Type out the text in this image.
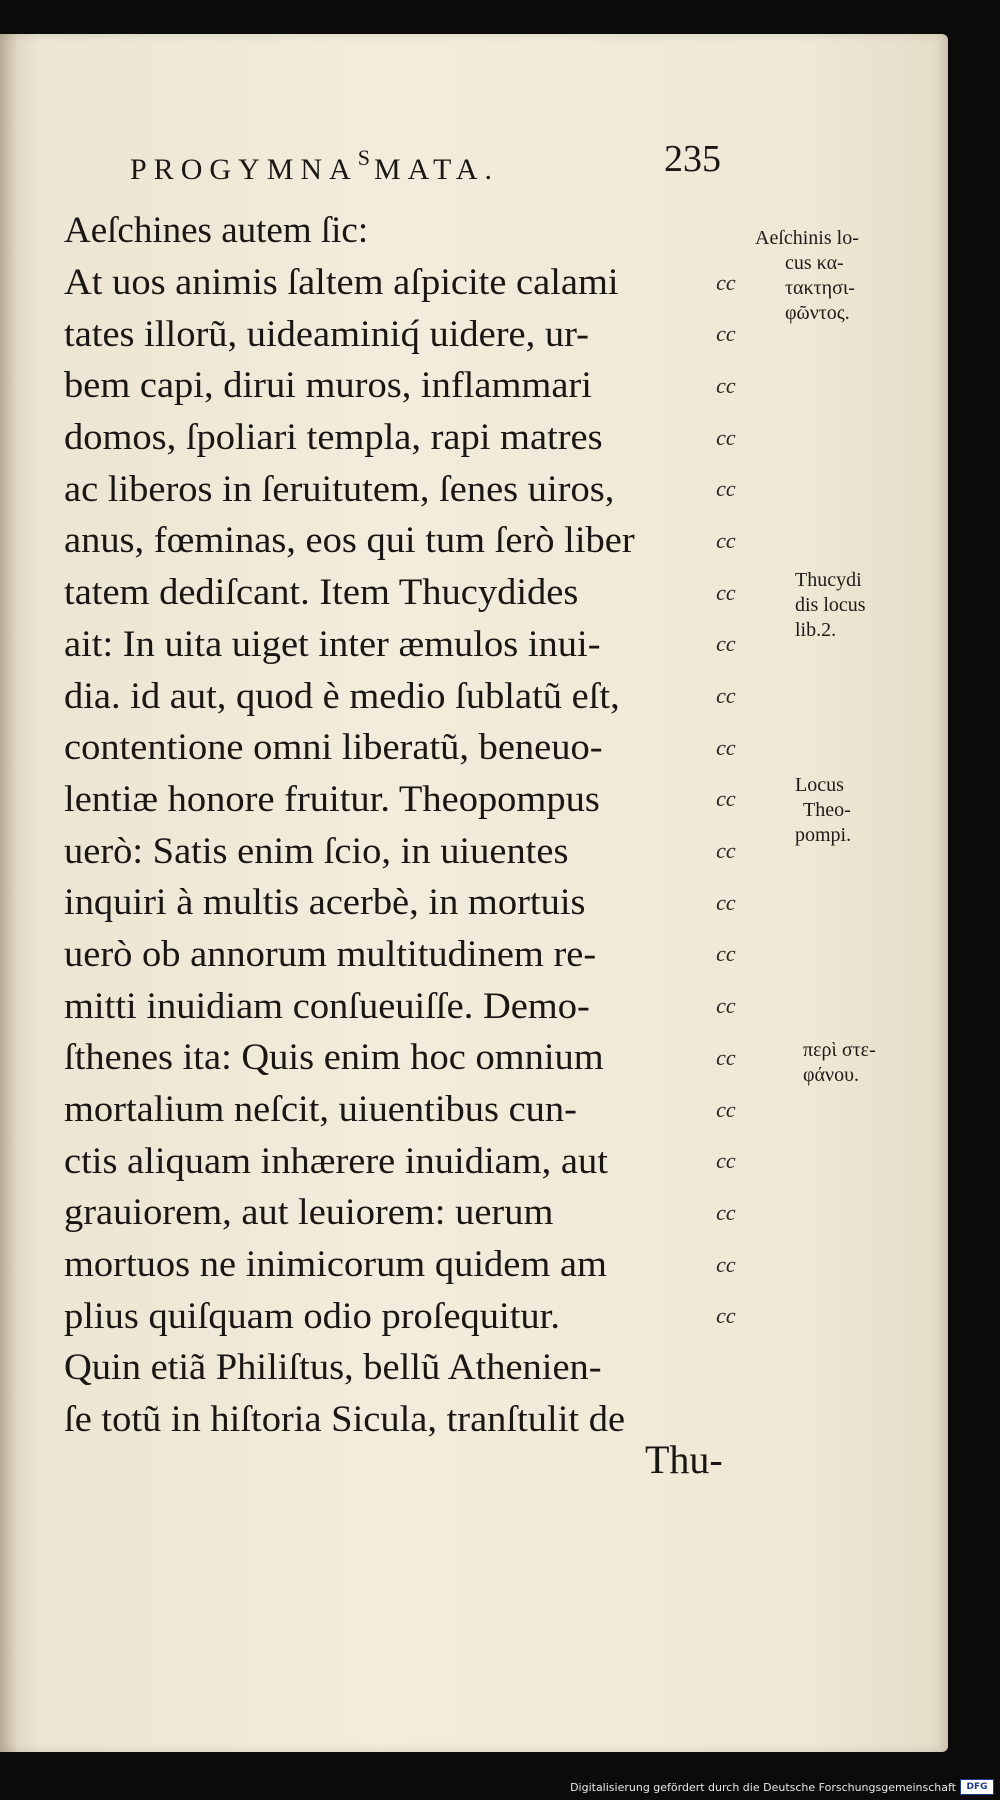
$PROGYMNA^SMATA$.	235
Aeſchines autem ſic:
At uos animis ſaltem aſpicite calami	cc
tates illorũ, uideaminiq́ uidere, ur-	cc
bem capi, dirui muros, inflammari	cc
domos, ſpoliari templa, rapi matres	cc
ac liberos in ſeruitutem, ſenes uiros,	cc
anus, fœminas, eos qui tum ſerò liber	cc
tatem dediſcant. Item Thucydides	cc
ait: In uita uiget inter æmulos inui-	cc
dia. id aut, quod è medio ſublatũ eſt,	cc
contentione omni liberatũ, beneuo-	cc
lentiæ honore fruitur. Theopompus	cc
uerò: Satis enim ſcio, in uiuentes	cc
inquiri à multis acerbè, in mortuis	cc
uerò ob annorum multitudinem re-	cc
mitti inuidiam conſueuiſſe. Demo-	cc
ſthenes ita: Quis enim hoc omnium	cc
mortalium neſcit, uiuentibus cun-	cc
ctis aliquam inhærere inuidiam, aut	cc
grauiorem, aut leuiorem: uerum	cc
mortuos ne inimicorum quidem am	cc
plius quiſquam odio proſequitur.	cc
Quin etiã Philiſtus, bellũ Athenien-
ſe totũ in hiſtoria Sicula, tranſtulit de
Thu-
Aeſchinis lo-
cus κα-
τακτησι-
φῶντος.
Thucydi
dis locus
lib.2.
Locus
Theo-
pompi.
περὶ στε-
φάνου.
Digitalisierung gefördert durch die Deutsche Forschungsgemeinschaft	DFG
